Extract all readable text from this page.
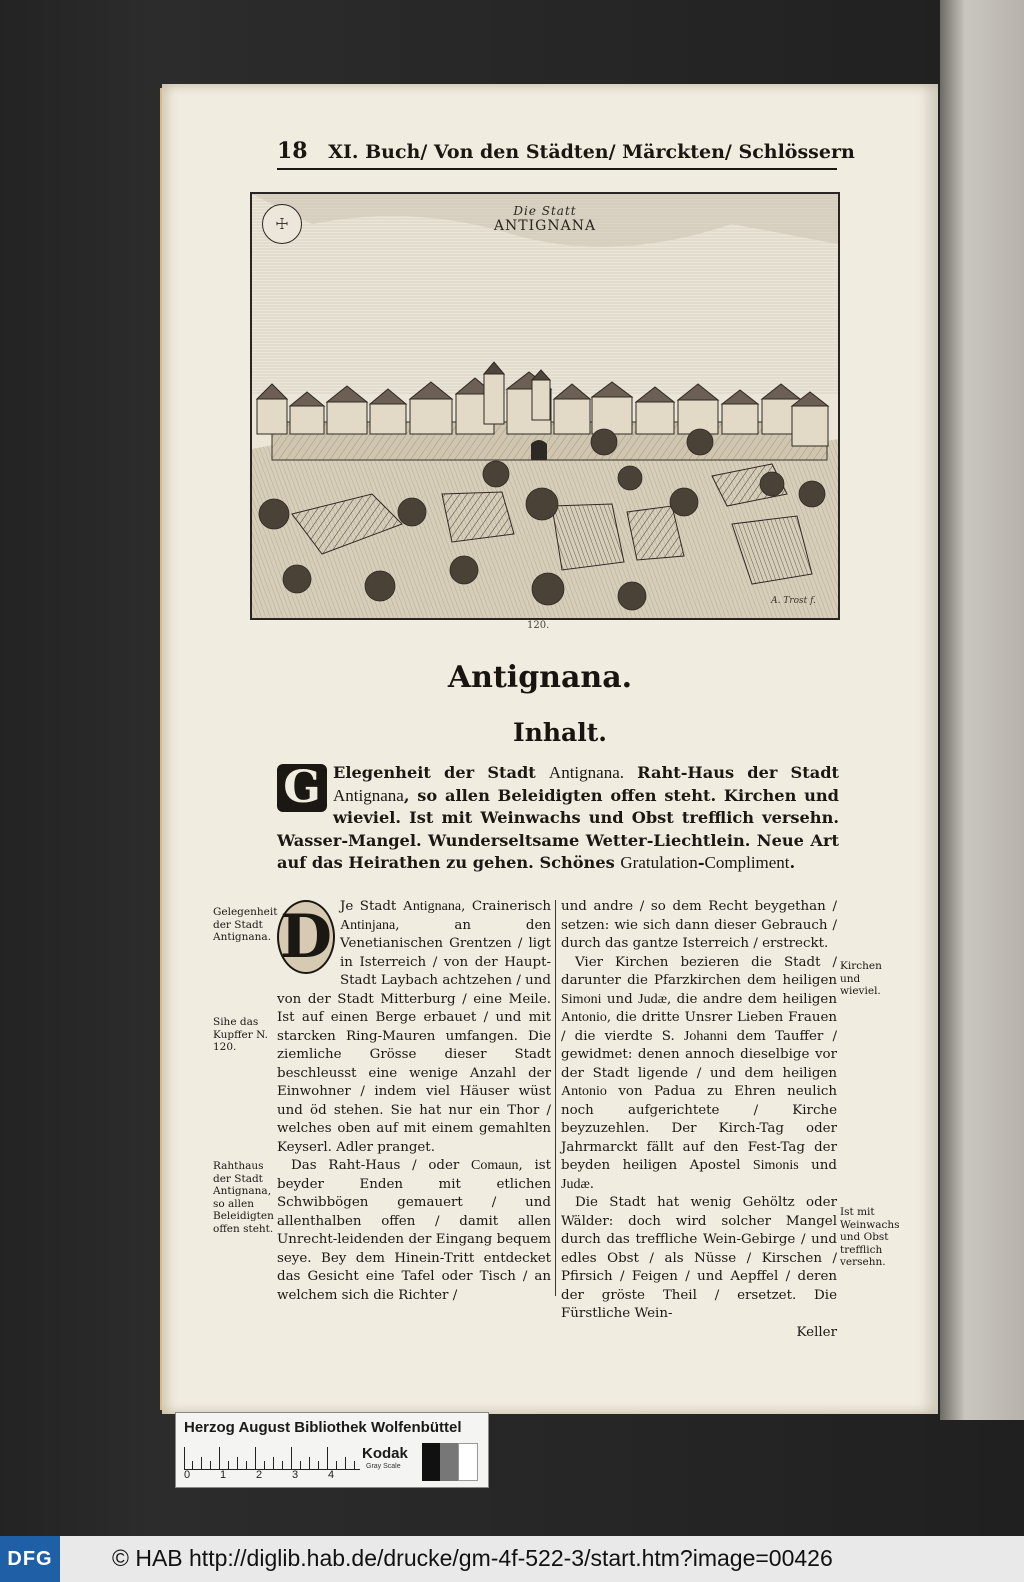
18 XI. Buch/ Von den Städten/ Märckten/ Schlössern
☩
Die Statt
ANTIGNANA
A. Trost f.
120.
Antignana.
Inhalt.
G Elegenheit der Stadt Antignana. Raht-Haus der Stadt Antignana, so allen Beleidigten offen steht. Kirchen und wieviel. Ist mit Weinwachs und Obst trefflich versehn. Wasser-Mangel. Wunderseltsame Wetter-Liechtlein. Neue Art auf das Heirathen zu gehen. Schönes Gratulation-Compliment.

D Je Stadt Antignana, Crainerisch Antinjana, an den Venetianischen Grentzen / ligt in Isterreich / von der Haupt-Stadt Laybach achtzehen / und von der Stadt Mitterburg / eine Meile. Ist auf einen Berge erbauet / und mit starcken Ring-Mauren umfangen. Die ziemliche Grösse dieser Stadt beschleusst eine wenige Anzahl der Einwohner / indem viel Häuser wüst und öd stehen. Sie hat nur ein Thor / welches oben auf mit einem gemahlten Keyserl. Adler pranget.

Das Raht-Haus / oder Comaun, ist beyder Enden mit etlichen Schwibbögen gemauert / und allenthalben offen / damit allen Unrecht-leidenden der Eingang bequem seye. Bey dem Hinein-Tritt entdecket das Gesicht eine Tafel oder Tisch / an welchem sich die Richter /

und andre / so dem Recht beygethan / setzen: wie sich dann dieser Gebrauch / durch das gantze Isterreich / erstreckt.

Vier Kirchen bezieren die Stadt / darunter die Pfarzkirchen dem heiligen Simoni und Judæ, die andre dem heiligen Antonio, die dritte Unsrer Lieben Frauen / die vierdte S. Johanni dem Tauffer / gewidmet: denen annoch dieselbige vor der Stadt ligende / und dem heiligen Antonio von Padua zu Ehren neulich noch aufgerichtete / Kirche beyzuzehlen. Der Kirch-Tag oder Jahrmarckt fällt auf den Fest-Tag der beyden heiligen Apostel Simonis und Judæ.

Die Stadt hat wenig Gehöltz oder Wälder: doch wird solcher Mangel durch das treffliche Wein-Gebirge / und edles Obst / als Nüsse / Kirschen / Pfirsich / Feigen / und Aepffel / deren der gröste Theil / ersetzet. Die Fürstliche Wein-

Keller

Gelegenheit der Stadt Antignana.
Sihe das Kupffer N. 120.
Rahthaus der Stadt Antignana, so allen Beleidigten offen steht.
Kirchen und wieviel.
Ist mit Weinwachs und Obst trefflich versehn.
Herzog August Bibliothek Wolfenbüttel
0	1	2	3	4
Kodak
Gray Scale
DFG	© HAB http://diglib.hab.de/drucke/gm-4f-522-3/start.htm?image=00426
